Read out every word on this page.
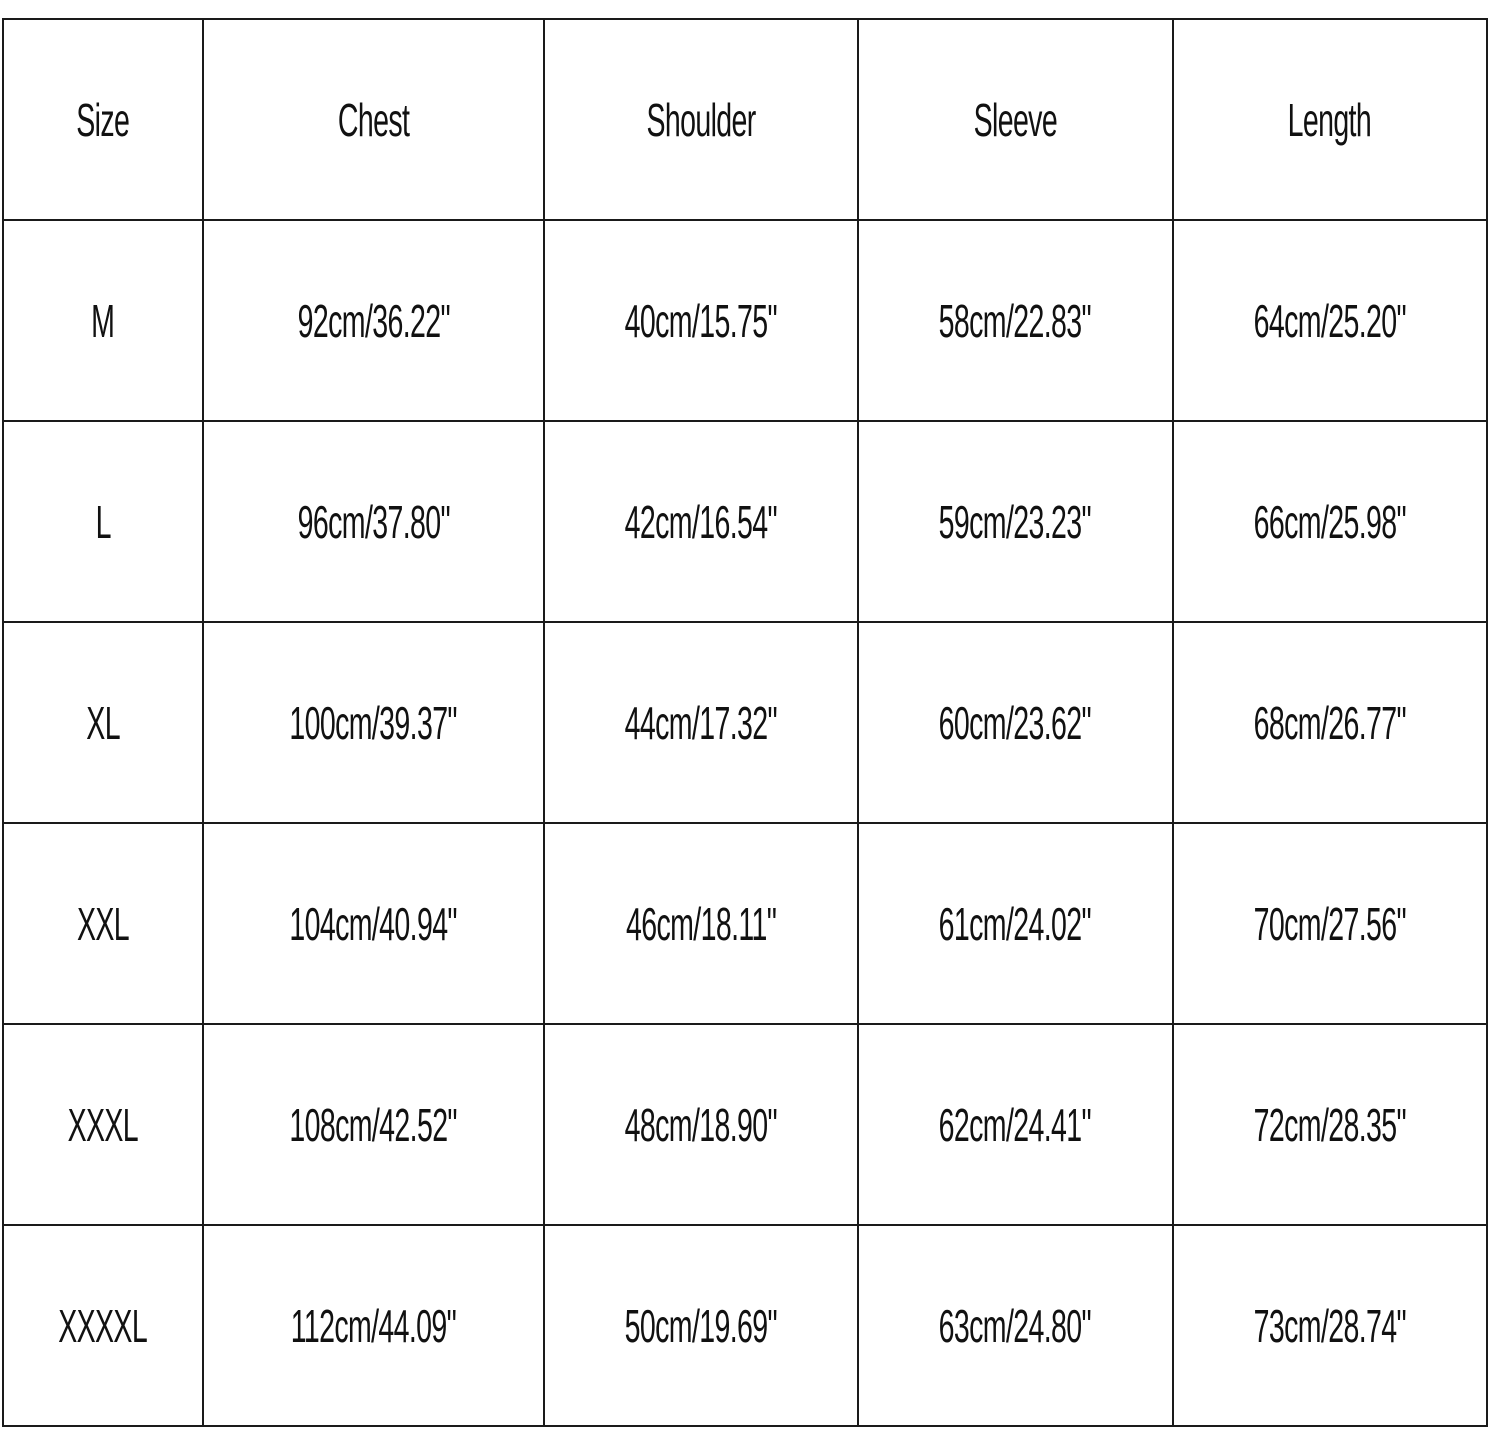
Size	Chest	Shoulder	Sleeve	Length
M	92cm/36.22"	40cm/15.75"	58cm/22.83"	64cm/25.20"
L	96cm/37.80"	42cm/16.54"	59cm/23.23"	66cm/25.98"
XL	100cm/39.37"	44cm/17.32"	60cm/23.62"	68cm/26.77"
XXL	104cm/40.94"	46cm/18.11"	61cm/24.02"	70cm/27.56"
XXXL	108cm/42.52"	48cm/18.90"	62cm/24.41"	72cm/28.35"
XXXXL	112cm/44.09"	50cm/19.69"	63cm/24.80"	73cm/28.74"
